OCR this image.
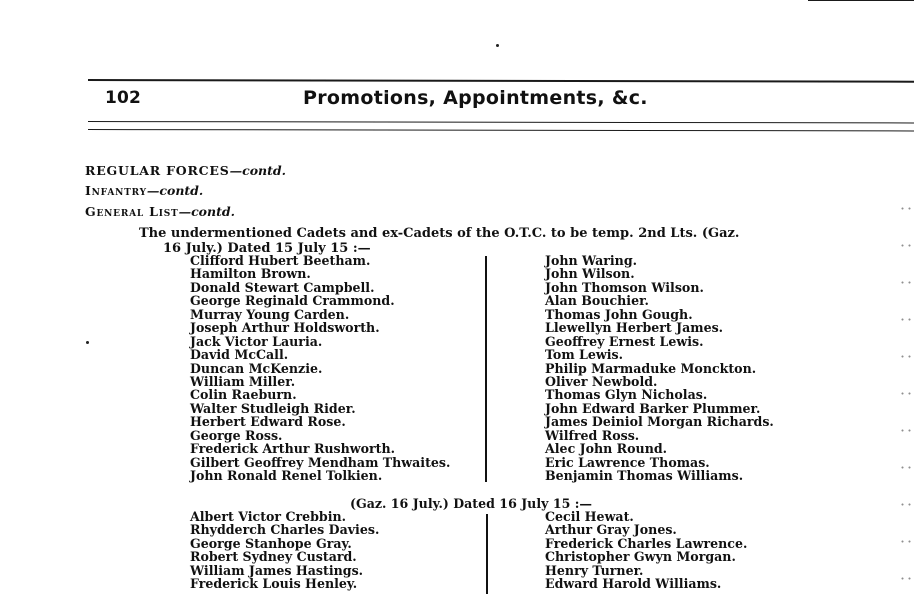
102	Promotions, Appointments, &c.
REGULAR FORCES—contd.
Infantry—contd.
General List—contd.
The undermentioned Cadets and ex-Cadets of the O.T.C. to be temp. 2nd Lts. (Gaz.
16 July.) Dated 15 July 15 :—
Clifford Hubert Beetham.
Hamilton Brown.
Donald Stewart Campbell.
George Reginald Crammond.
Murray Young Carden.
Joseph Arthur Holdsworth.
Jack Victor Lauria.
David McCall.
Duncan McKenzie.
William Miller.
Colin Raeburn.
Walter Studleigh Rider.
Herbert Edward Rose.
George Ross.
Frederick Arthur Rushworth.
Gilbert Geoffrey Mendham Thwaites.
John Ronald Renel Tolkien.
John Waring.
John Wilson.
John Thomson Wilson.
Alan Bouchier.
Thomas John Gough.
Llewellyn Herbert James.
Geoffrey Ernest Lewis.
Tom Lewis.
Philip Marmaduke Monckton.
Oliver Newbold.
Thomas Glyn Nicholas.
John Edward Barker Plummer.
James Deiniol Morgan Richards.
Wilfred Ross.
Alec John Round.
Eric Lawrence Thomas.
Benjamin Thomas Williams.
(Gaz. 16 July.) Dated 16 July 15 :—
Albert Victor Crebbin.
Rhydderch Charles Davies.
George Stanhope Gray.
Robert Sydney Custard.
William James Hastings.
Frederick Louis Henley.
Cecil Hewat.
Arthur Gray Jones.
Frederick Charles Lawrence.
Christopher Gwyn Morgan.
Henry Turner.
Edward Harold Williams.
